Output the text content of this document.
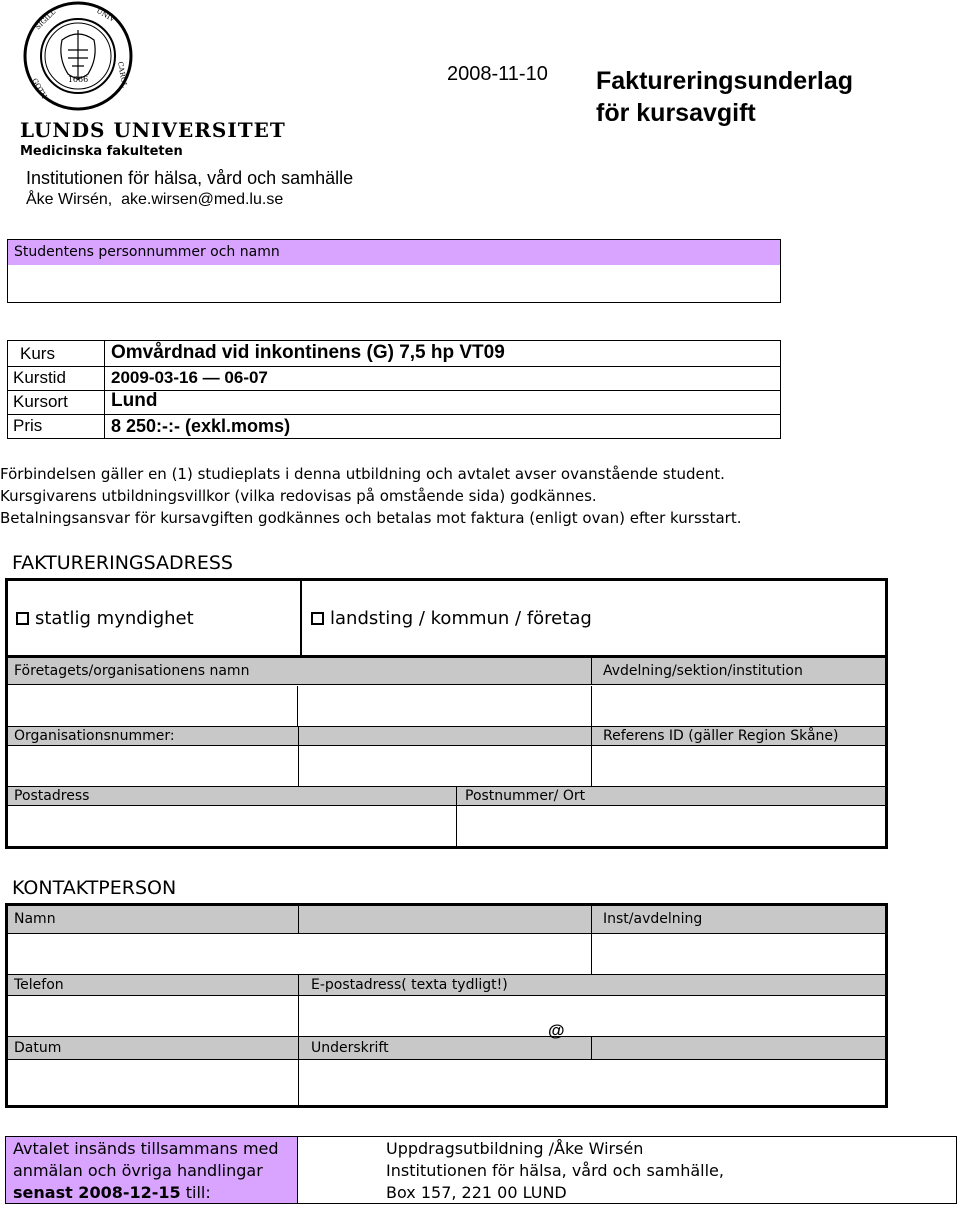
1666
SIGILL	UNIV
CAROL
GOTH
LUNDS UNIVERSITET
Medicinska fakulteten
Institutionen för hälsa, vård och samhälle
Åke Wirsén,  ake.wirsen@med.lu.se
2008-11-10 Faktureringsunderlag
för kursavgift
Studentens personnummer och namn
Kurs	Omvårdnad vid inkontinens (G) 7,5 hp VT09
Kurstid	2009-03-16 — 06-07
Kursort Lund
Pris	8 250:-:- (exkl.moms)
Förbindelsen gäller en (1) studieplats i denna utbildning och avtalet avser ovanstående student.
Kursgivarens utbildningsvillkor (vilka redovisas på omstående sida) godkännes.
Betalningsansvar för kursavgiften godkännes och betalas mot faktura (enligt ovan) efter kursstart.
FAKTURERINGSADRESS
statlig myndighet	landsting / kommun / företag
Företagets/organisationens namn	Avdelning/sektion/institution
Organisationsnummer:	Referens ID (gäller Region Skåne)
Postadress	Postnummer/ Ort
KONTAKTPERSON
Namn	Inst/avdelning
Telefon	E-postadress( texta tydligt!)
Datum	Underskrift
@
Avtalet insänds tillsammans med
anmälan och övriga handlingar
senast 2008-12-15 till:
Uppdragsutbildning /Åke Wirsén
Institutionen för hälsa, vård och samhälle,
Box 157, 221 00 LUND
